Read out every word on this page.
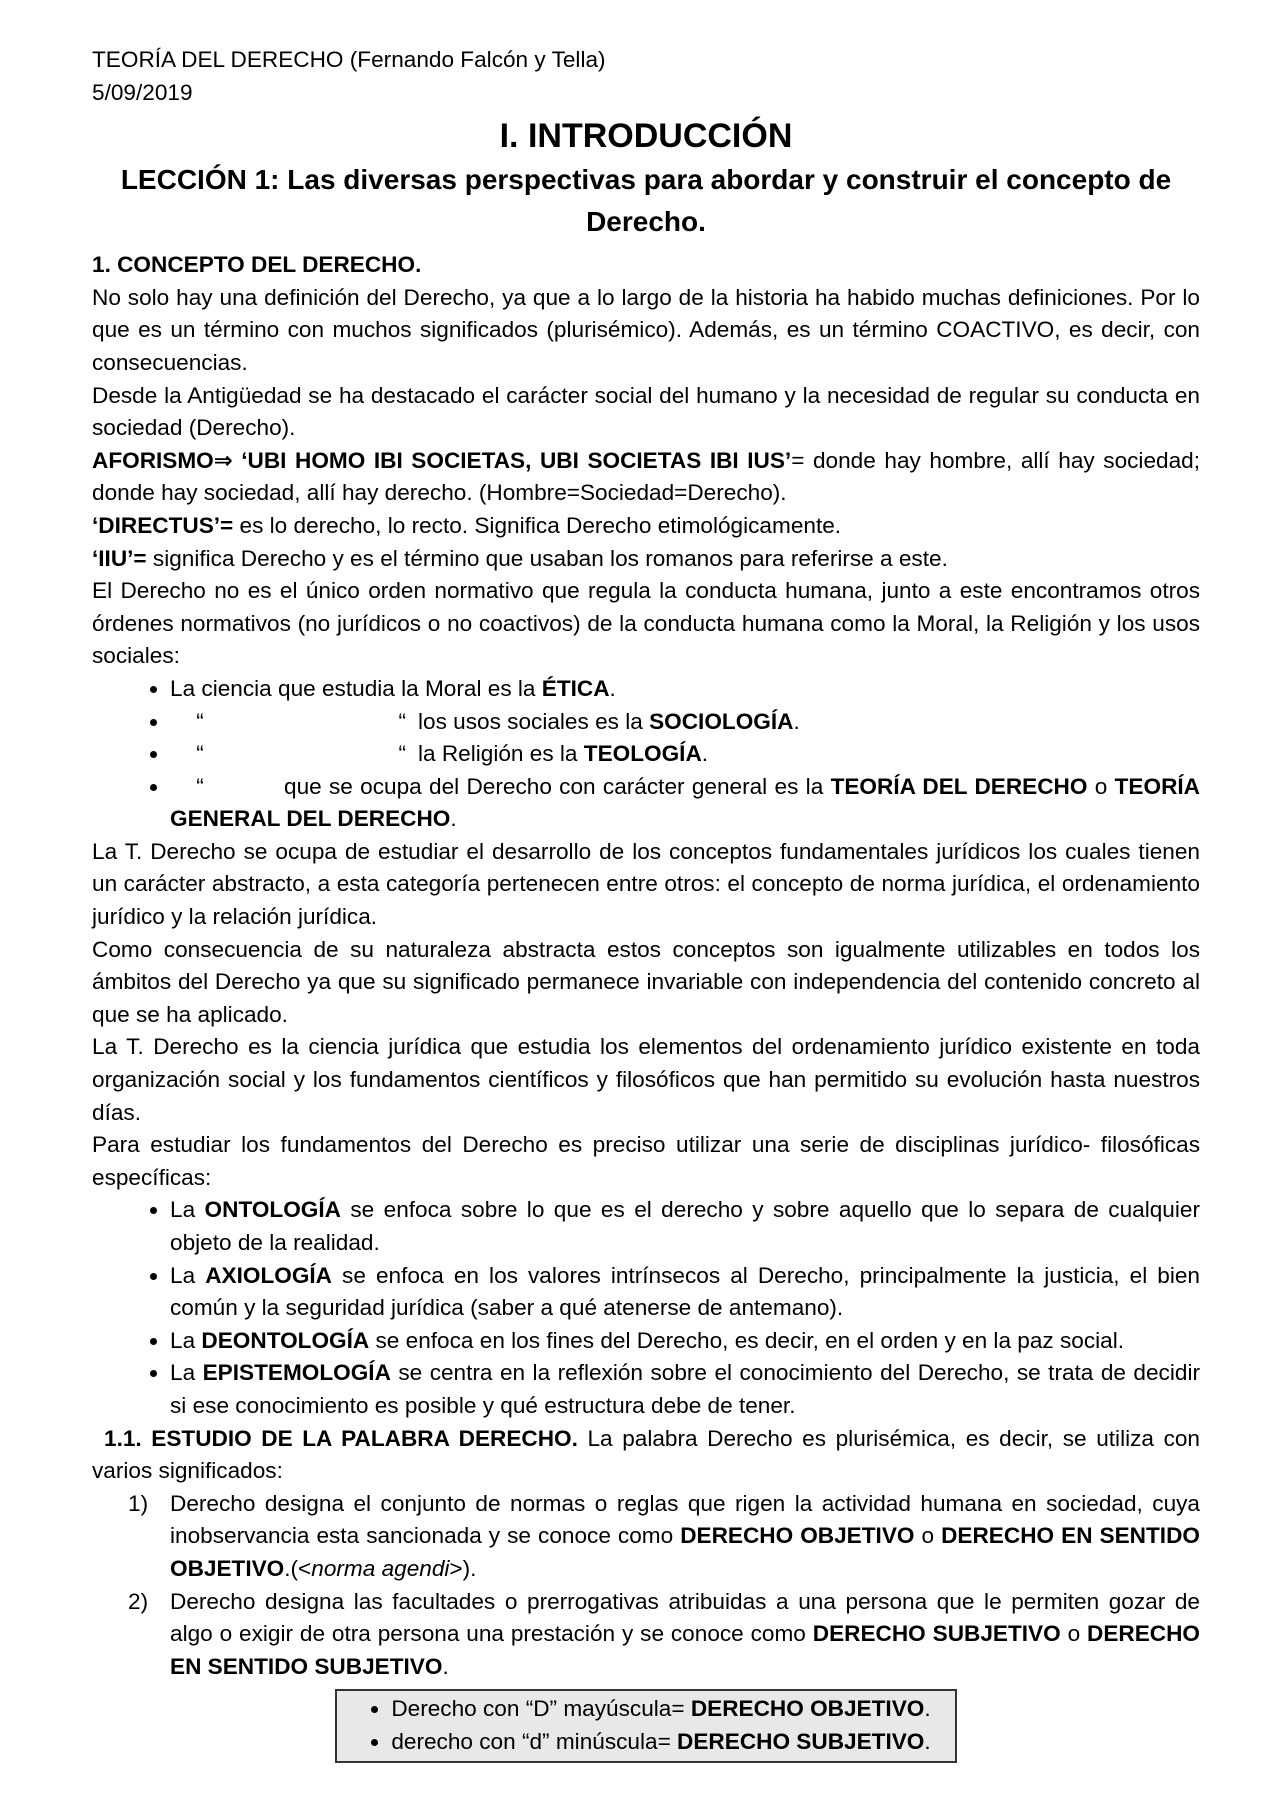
TEORÍA DEL DERECHO (Fernando Falcón y Tella)

5/09/2019

I. INTRODUCCIÓN
LECCIÓN 1: Las diversas perspectivas para abordar y construir el concepto de Derecho.
1. CONCEPTO DEL DERECHO.

No solo hay una definición del Derecho, ya que a lo largo de la historia ha habido muchas definiciones. Por lo que es un término con muchos significados (plurisémico). Además, es un término COACTIVO, es decir, con consecuencias.

Desde la Antigüedad se ha destacado el carácter social del humano y la necesidad de regular su conducta en sociedad (Derecho).

AFORISMO⇒ ‘UBI HOMO IBI SOCIETAS, UBI SOCIETAS IBI IUS’= donde hay hombre, allí hay sociedad; donde hay sociedad, allí hay derecho. (Hombre=Sociedad=Derecho).

‘DIRECTUS’= es lo derecho, lo recto. Significa Derecho etimológicamente.

‘IIU’= significa Derecho y es el término que usaban los romanos para referirse a este.

El Derecho no es el único orden normativo que regula la conducta humana, junto a este encontramos otros órdenes normativos (no jurídicos o no coactivos) de la conducta humana como la Moral, la Religión y los usos sociales:

• La ciencia que estudia la Moral es la ÉTICA.
• “	“ los usos sociales es la SOCIOLOGÍA.
• “	“ la Religión es la TEOLOGÍA.
• “	que se ocupa del Derecho con carácter general es la TEORÍA DEL DERECHO o TEORÍA GENERAL DEL DERECHO.

La T. Derecho se ocupa de estudiar el desarrollo de los conceptos fundamentales jurídicos los cuales tienen un carácter abstracto, a esta categoría pertenecen entre otros: el concepto de norma jurídica, el ordenamiento jurídico y la relación jurídica.

Como consecuencia de su naturaleza abstracta estos conceptos son igualmente utilizables en todos los ámbitos del Derecho ya que su significado permanece invariable con independencia del contenido concreto al que se ha aplicado.

La T. Derecho es la ciencia jurídica que estudia los elementos del ordenamiento jurídico existente en toda organización social y los fundamentos científicos y filosóficos que han permitido su evolución hasta nuestros días.

Para estudiar los fundamentos del Derecho es preciso utilizar una serie de disciplinas jurídico- filosóficas específicas:

• La ONTOLOGÍA se enfoca sobre lo que es el derecho y sobre aquello que lo separa de cualquier objeto de la realidad.
• La AXIOLOGÍA se enfoca en los valores intrínsecos al Derecho, principalmente la justicia, el bien común y la seguridad jurídica (saber a qué atenerse de antemano).
• La DEONTOLOGÍA se enfoca en los fines del Derecho, es decir, en el orden y en la paz social.
• La EPISTEMOLOGÍA se centra en la reflexión sobre el conocimiento del Derecho, se trata de decidir si ese conocimiento es posible y qué estructura debe de tener.

1.1. ESTUDIO DE LA PALABRA DERECHO. La palabra Derecho es plurisémica, es decir, se utiliza con varios significados:

1) Derecho designa el conjunto de normas o reglas que rigen la actividad humana en sociedad, cuya inobservancia esta sancionada y se conoce como DERECHO OBJETIVO o DERECHO EN SENTIDO OBJETIVO.(<norma agendi>).
2) Derecho designa las facultades o prerrogativas atribuidas a una persona que le permiten gozar de algo o exigir de otra persona una prestación y se conoce como DERECHO SUBJETIVO o DERECHO EN SENTIDO SUBJETIVO.
• Derecho con “D” mayúscula= DERECHO OBJETIVO.
• derecho con “d” minúscula= DERECHO SUBJETIVO.
